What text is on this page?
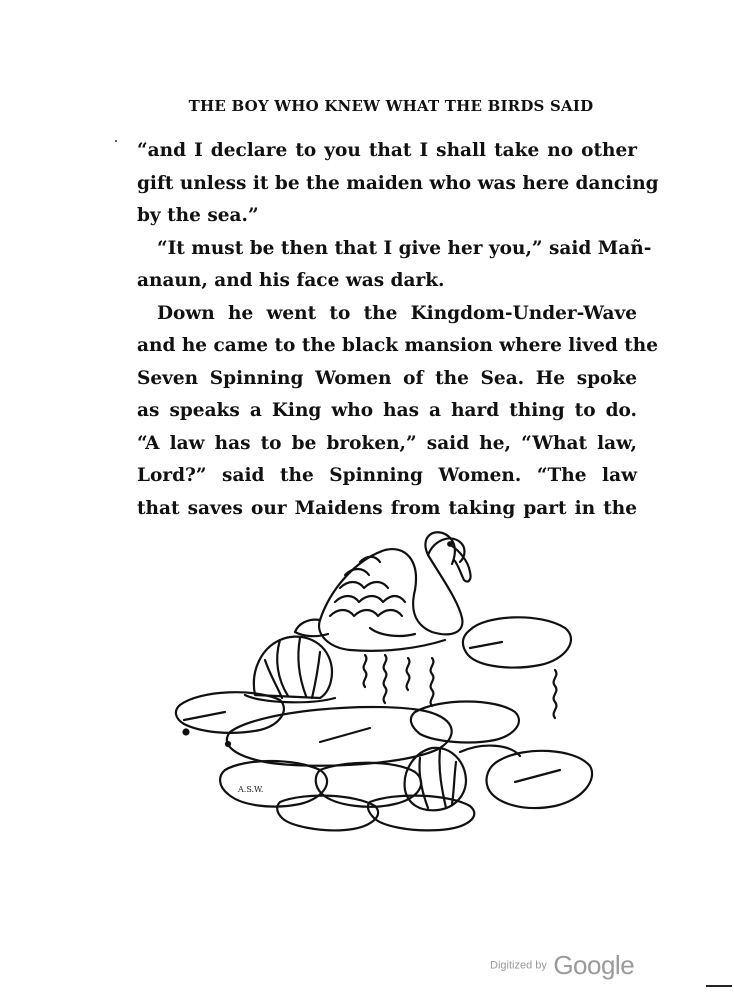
THE BOY WHO KNEW WHAT THE BIRDS SAID
“and I declare to you that I shall take no other
gift unless it be the maiden who was here dancing
by the sea.”
“It must be then that I give her you,” said Mañ-
anaun, and his face was dark.
Down he went to the Kingdom-Under-Wave
and he came to the black mansion where lived the
Seven Spinning Women of the Sea. He spoke
as speaks a King who has a hard thing to do.
“A law has to be broken,” said he, “What law,
Lord?” said the Spinning Women. “The law
that saves our Maidens from taking part in the
A.S.W.
Digitized by Google
